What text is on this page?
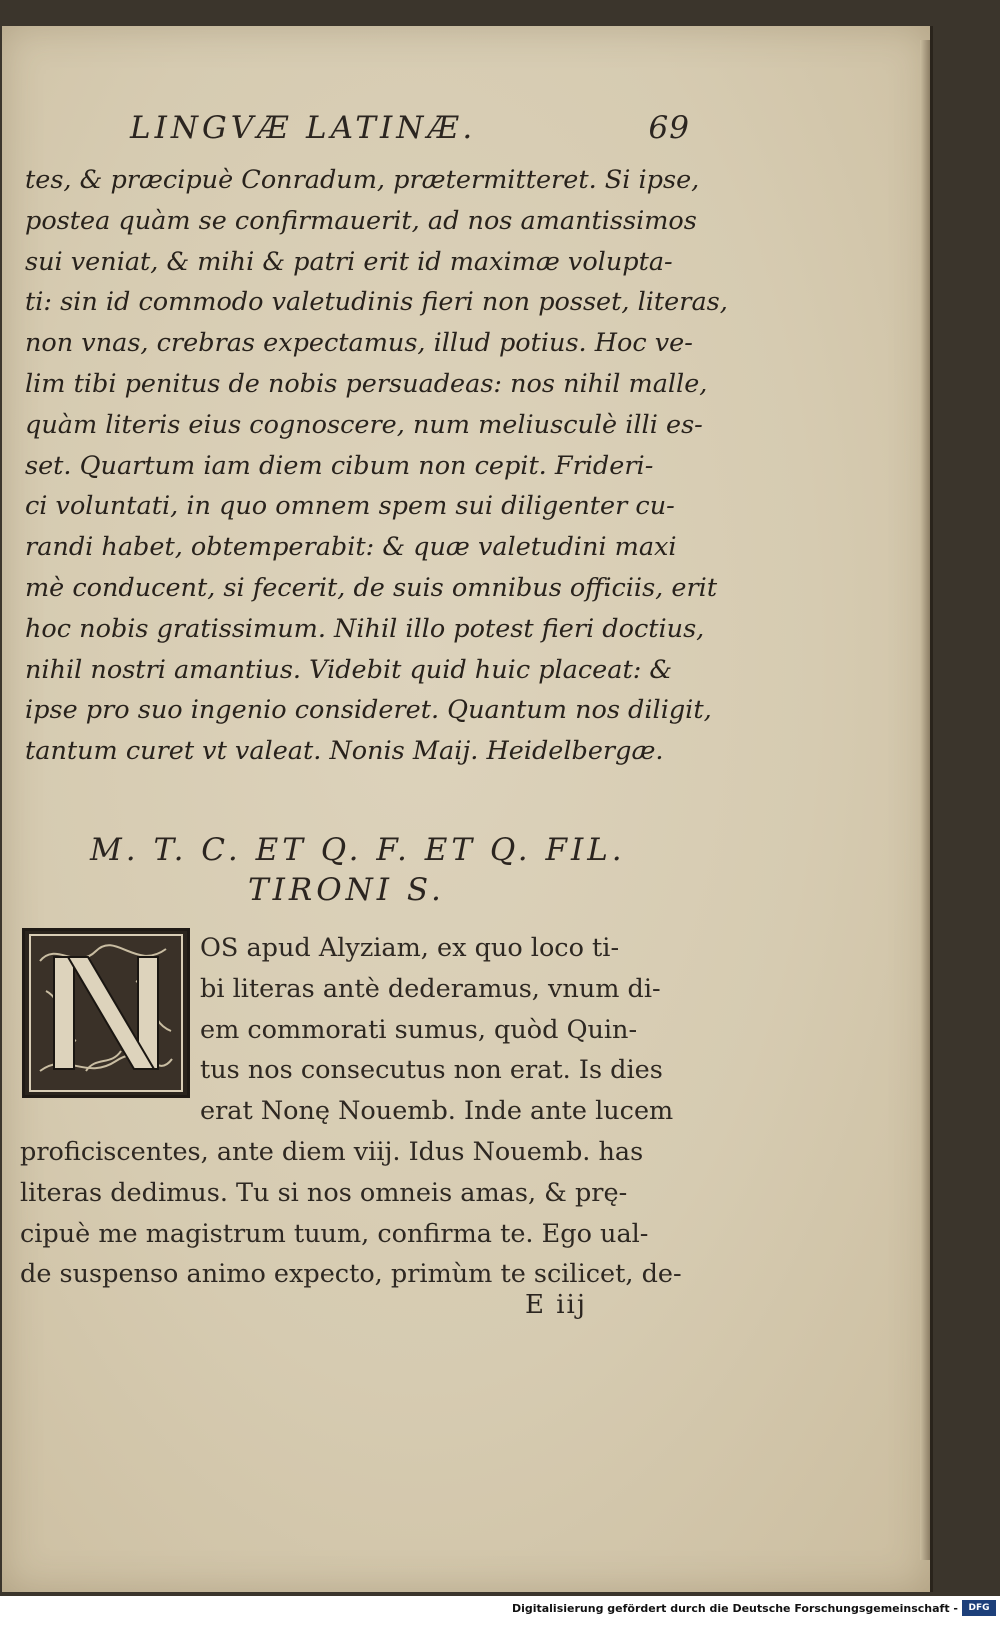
LINGVÆ LATINÆ.	69
tes, & præcipuè Conradum, prætermitteret. Si ipse,
postea quàm se confirmauerit, ad nos amantissimos
sui veniat, & mihi & patri erit id maximæ volupta-
ti: sin id commodo valetudinis fieri non posset, literas,
non vnas, crebras expectamus, illud potius. Hoc ve-
lim tibi penitus de nobis persuadeas: nos nihil malle,
quàm literis eius cognoscere, num meliusculè illi es-
set. Quartum iam diem cibum non cepit. Frideri-
ci voluntati, in quo omnem spem sui diligenter cu-
randi habet, obtemperabit: & quæ valetudini maxi
mè conducent, si fecerit, de suis omnibus officiis, erit
hoc nobis gratissimum. Nihil illo potest fieri doctius,
nihil nostri amantius. Videbit quid huic placeat: &
ipse pro suo ingenio consideret. Quantum nos diligit,
tantum curet vt valeat. Nonis Maij. Heidelbergæ.
M. T. C. ET Q. F. ET Q. FIL.
TIRONI S.
OS apud Alyziam, ex quo loco ti-
bi literas antè dederamus, vnum di-
em commorati sumus, quòd Quin-
tus nos consecutus non erat. Is dies
erat Nonę Nouemb. Inde ante lucem
proficiscentes, ante diem viij. Idus Nouemb. has
literas dedimus. Tu si nos omneis amas, & prę-
cipuè me magistrum tuum, confirma te. Ego ual-
de suspenso animo expecto, primùm te scilicet, de-
E iij
Digitalisierung gefördert durch die Deutsche Forschungsgemeinschaft -	DFG
